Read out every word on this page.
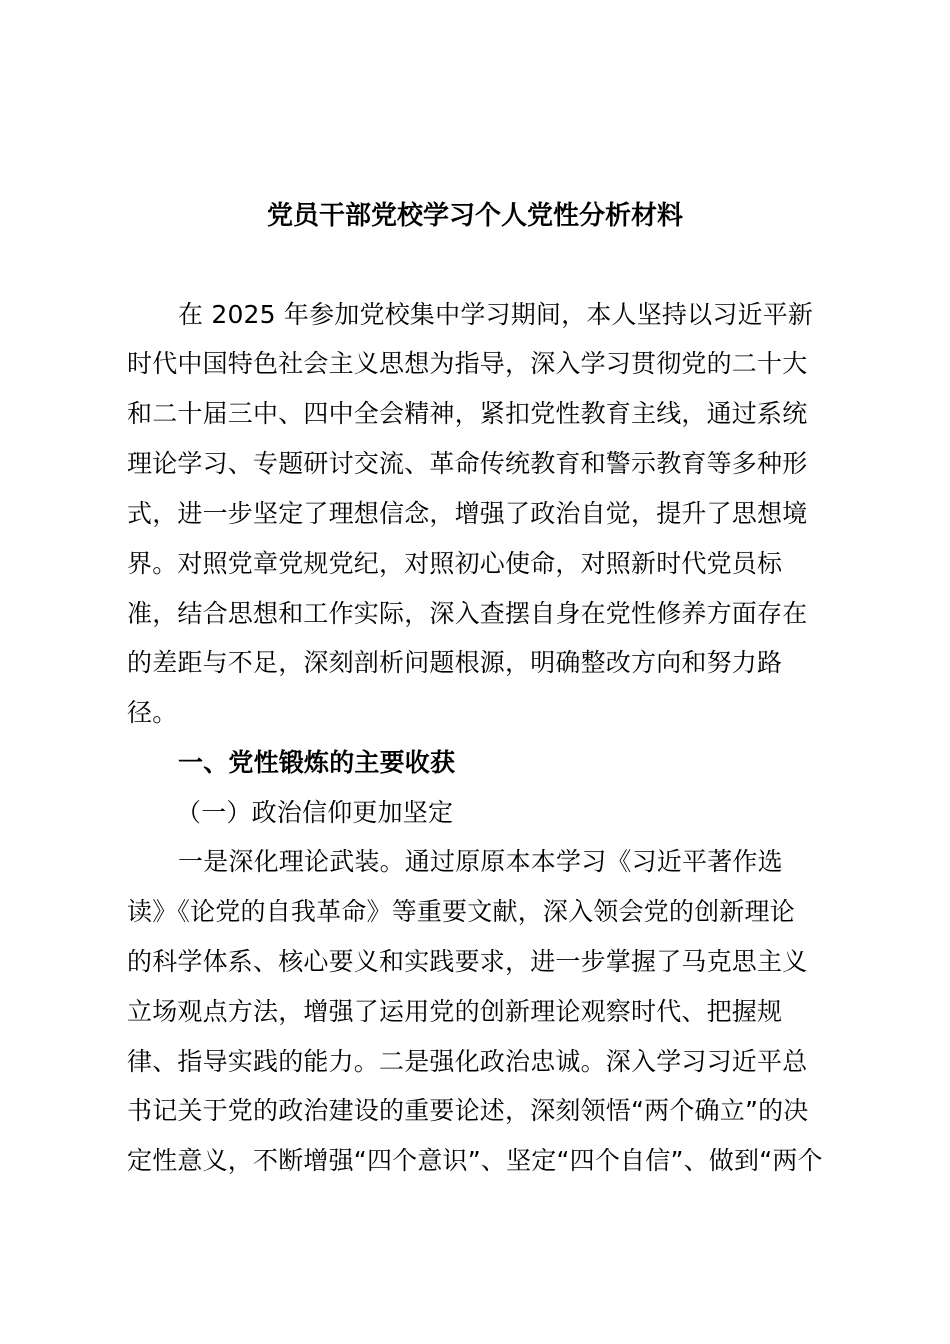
党员干部党校学习个人党性分析材料
在 2025 年参加党校集中学习期间，本人坚持以习近平新
时代中国特色社会主义思想为指导，深入学习贯彻党的二十大
和二十届三中、四中全会精神，紧扣党性教育主线，通过系统
理论学习、专题研讨交流、革命传统教育和警示教育等多种形
式，进一步坚定了理想信念，增强了政治自觉，提升了思想境
界。对照党章党规党纪，对照初心使命，对照新时代党员标
准，结合思想和工作实际，深入查摆自身在党性修养方面存在
的差距与不足，深刻剖析问题根源，明确整改方向和努力路
径。
一、党性锻炼的主要收获
（一）政治信仰更加坚定
一是深化理论武装。通过原原本本学习《习近平著作选
读》《论党的自我革命》等重要文献，深入领会党的创新理论
的科学体系、核心要义和实践要求，进一步掌握了马克思主义
立场观点方法，增强了运用党的创新理论观察时代、把握规
律、指导实践的能力。二是强化政治忠诚。深入学习习近平总
书记关于党的政治建设的重要论述，深刻领悟“两个确立”的决
定性意义，不断增强“四个意识”、坚定“四个自信”、做到“两个
